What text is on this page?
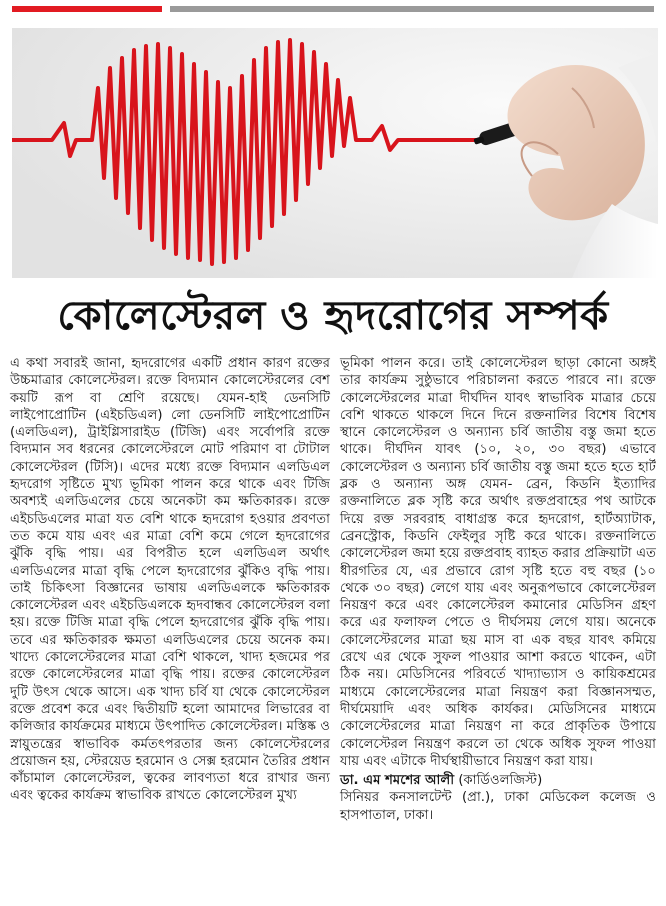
কোলেস্টেরল ও হৃদরোগের সম্পর্ক

এ কথা সবারই জানা, হৃদরোগের একটি প্রধান কারণ রক্তের উচ্চমাত্রার কোলেস্টেরল। রক্তে বিদ্যমান কোলেস্টেরলের বেশ কয়টি রূপ বা শ্রেণি রয়েছে। যেমন-হাই ডেনসিটি লাইপোপ্রোটিন (এইচডিএল) লো ডেনসিটি লাইপোপ্রোটিন (এলডিএল), ট্রাইগ্লিসারাইড (টিজি) এবং সর্বোপরি রক্তে বিদ্যমান সব ধরনের কোলেস্টেরলে মোট পরিমাণ বা টোটাল কোলেস্টেরল (টিসি)। এদের মধ্যে রক্তে বিদ্যমান এলডিএল হৃদরোগ সৃষ্টিতে মুখ্য ভূমিকা পালন করে থাকে এবং টিজি অবশ্যই এলডিএলের চেয়ে অনেকটা কম ক্ষতিকারক। রক্তে এইচডিএলের মাত্রা যত বেশি থাকে হৃদরোগ হওয়ার প্রবণতা তত কমে যায় এবং এর মাত্রা বেশি কমে গেলে হৃদরোগের ঝুঁকি বৃদ্ধি পায়। এর বিপরীত হলে এলডিএল অর্থাৎ এলডিএলের মাত্রা বৃদ্ধি পেলে হৃদরোগের ঝুঁকিও বৃদ্ধি পায়। তাই চিকিৎসা বিজ্ঞানের ভাষায় এলডিএলকে ক্ষতিকারক কোলেস্টেরল এবং এইচডিএলকে হৃদবান্ধব কোলেস্টেরল বলা হয়। রক্তে টিজি মাত্রা বৃদ্ধি পেলে হৃদরোগের ঝুঁকি বৃদ্ধি পায়। তবে এর ক্ষতিকারক ক্ষমতা এলডিএলের চেয়ে অনেক কম। খাদ্যে কোলেস্টেরলের মাত্রা বেশি থাকলে, খাদ্য হজমের পর রক্তে কোলেস্টেরলের মাত্রা বৃদ্ধি পায়। রক্তের কোলেস্টেরল দুটি উৎস থেকে আসে। এক খাদ্য চর্বি যা থেকে কোলেস্টেরল রক্তে প্রবেশ করে এবং দ্বিতীয়টি হলো আমাদের লিভারের বা কলিজার কার্যক্রমের মাধ্যমে উৎপাদিত কোলেস্টেরল। মস্তিষ্ক ও স্নায়ুতন্ত্রের স্বাভাবিক কর্মতৎপরতার জন্য কোলেস্টেরলের প্রয়োজন হয়, স্টেরয়েড হরমোন ও সেক্স হরমোন তৈরির প্রধান কাঁচামাল কোলেস্টেরল, ত্বকের লাবণ্যতা ধরে রাখার জন্য এবং ত্বকের কার্যক্রম স্বাভাবিক রাখতে কোলেস্টেরল মুখ্য

ভূমিকা পালন করে। তাই কোলেস্টেরল ছাড়া কোনো অঙ্গই তার কার্যক্রম সুষ্ঠুভাবে পরিচালনা করতে পারবে না। রক্তে কোলেস্টেরলের মাত্রা দীর্ঘদিন যাবৎ স্বাভাবিক মাত্রার চেয়ে বেশি থাকতে থাকলে দিনে দিনে রক্তনালির বিশেষ বিশেষ স্থানে কোলেস্টেরল ও অন্যান্য চর্বি জাতীয় বস্তু জমা হতে থাকে। দীর্ঘদিন যাবৎ (১০, ২০, ৩০ বছর) এভাবে কোলেস্টেরল ও অন্যান্য চর্বি জাতীয় বস্তু জমা হতে হতে হার্ট ব্লক ও অন্যান্য অঙ্গ যেমন- ব্রেন, কিডনি ইত্যাদির রক্তনালিতে ব্লক সৃষ্টি করে অর্থাৎ রক্তপ্রবাহের পথ আটকে দিয়ে রক্ত সরবরাহ বাধাগ্রস্ত করে হৃদরোগ, হার্টঅ্যাটাক, ব্রেনস্ট্রোক, কিডনি ফেইলুর সৃষ্টি করে থাকে। রক্তনালিতে কোলেস্টেরল জমা হয়ে রক্তপ্রবাহ ব্যাহত করার প্রক্রিয়াটা এত ধীরগতির যে, এর প্রভাবে রোগ সৃষ্টি হতে বহু বছর (১০ থেকে ৩০ বছর) লেগে যায় এবং অনুরূপভাবে কোলেস্টেরল নিয়ন্ত্রণ করে এবং কোলেস্টেরল কমানোর মেডিসিন গ্রহণ করে এর ফলাফল পেতে ও দীর্ঘসময় লেগে যায়। অনেকে কোলেস্টেরলের মাত্রা ছয় মাস বা এক বছর যাবৎ কমিয়ে রেখে এর থেকে সুফল পাওয়ার আশা করতে থাকেন, এটা ঠিক নয়। মেডিসিনের পরিবর্তে খাদ্যাভ্যাস ও কায়িকশ্রমের মাধ্যমে কোলেস্টেরলের মাত্রা নিয়ন্ত্রণ করা বিজ্ঞানসম্মত, দীর্ঘমেয়াদি এবং অধিক কার্যকর। মেডিসিনের মাধ্যমে কোলেস্টেরলের মাত্রা নিয়ন্ত্রণ না করে প্রাকৃতিক উপায়ে কোলেস্টেরল নিয়ন্ত্রণ করলে তা থেকে অধিক সুফল পাওয়া যায় এবং এটাকে দীর্ঘস্থায়ীভাবে নিয়ন্ত্রণ করা যায়।

ডা. এম শমশের আলী (কার্ডিওলজিস্ট)
সিনিয়র কনসালটেন্ট (প্রা.), ঢাকা মেডিকেল কলেজ ও হাসপাতাল, ঢাকা।
